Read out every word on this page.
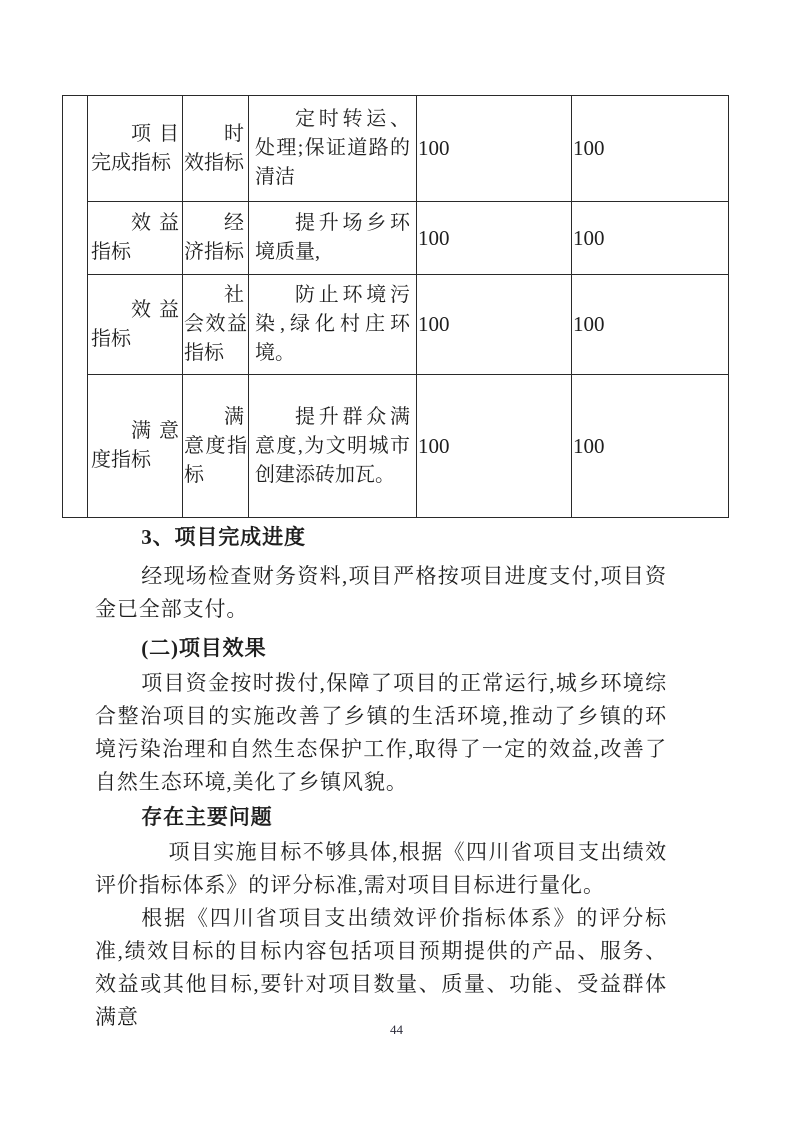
	项目完成指标	时效指标	定时转运、处理;保证道路的清洁	100	100
	效益指标	经济指标	提升场乡环境质量,	100	100
	效益指标	社会效益指标	防止环境污染,绿化村庄环境。	100	100
	满意度指标	满意度指标	提升群众满意度,为文明城市创建添砖加瓦。	100	100
3、项目完成进度

经现场检查财务资料,项目严格按项目进度支付,项目资金已全部支付。

(二)项目效果

项目资金按时拨付,保障了项目的正常运行,城乡环境综合整治项目的实施改善了乡镇的生活环境,推动了乡镇的环境污染治理和自然生态保护工作,取得了一定的效益,改善了自然生态环境,美化了乡镇风貌。

存在主要问题

项目实施目标不够具体,根据《四川省项目支出绩效评价指标体系》的评分标准,需对项目目标进行量化。

根据《四川省项目支出绩效评价指标体系》的评分标准,绩效目标的目标内容包括项目预期提供的产品、服务、效益或其他目标,要针对项目数量、质量、功能、受益群体满意

44
